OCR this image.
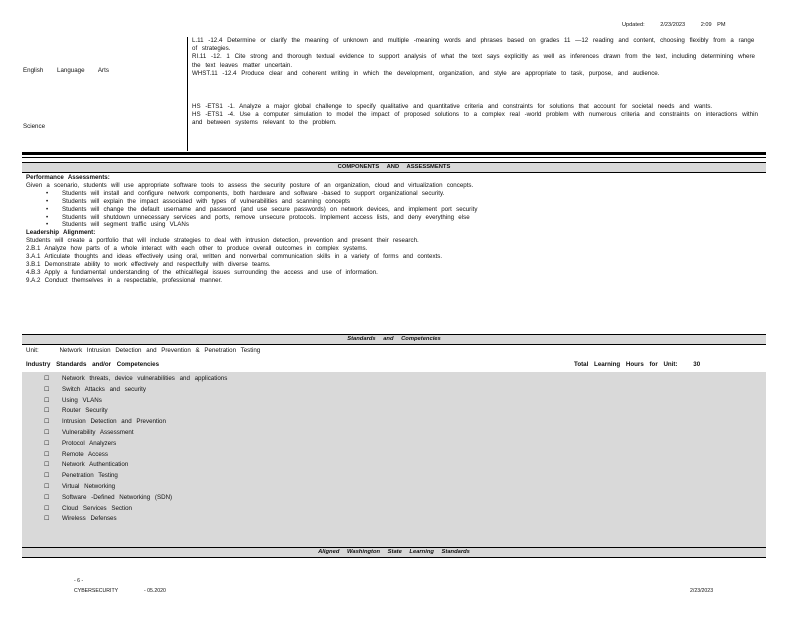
Updated:	2/23/2023	2:09 PM
English Language Arts
L.11 -12.4 Determine or clarify the meaning of unknown and multiple -meaning words and phrases based on grades 11 —12 reading and content, choosing flexibly from a range of strategies.
RI.11 -12. 1 Cite strong and thorough textual evidence to support analysis of what the text says explicitly as well as inferences drawn from the text, including determining where the text leaves matter uncertain.
WHST.11 -12.4 Produce clear and coherent writing in which the development, organization, and style are appropriate to task, purpose, and audience.
Science
HS -ETS1 -1. Analyze a major global challenge to specify qualitative and quantitative criteria and constraints for solutions that account for societal needs and wants.
HS -ETS1 -4. Use a computer simulation to model the impact of proposed solutions to a complex real -world problem with numerous criteria and constraints on interactions within and between systems relevant to the problem.
COMPONENTS AND ASSESSMENTS
Performance Assessments:
Given a scenario, students will use appropriate software tools to assess the security posture of an organization, cloud and virtualization concepts.
• Students will install and configure network components, both hardware and software -based to support organizational security.
• Students will explain the impact associated with types of vulnerabilities and scanning concepts
• Students will change the default username and password (and use secure passwords) on network devices, and implement port security
• Students will shutdown unnecessary services and ports, remove unsecure protocols. Implement access lists, and deny everything else
• Students will segment traffic using VLANs
Leadership Alignment:
Students will create a portfolio that will include strategies to deal with intrusion detection, prevention and present their research.
2.B.1 Analyze how parts of a whole interact with each other to produce overall outcomes in complex systems.
3.A.1 Articulate thoughts and ideas effectively using oral, written and nonverbal communication skills in a variety of forms and contexts.
3.B.1 Demonstrate ability to work effectively and respectfully with diverse teams.
4.B.3 Apply a fundamental understanding of the ethical/legal issues surrounding the access and use of information.
9.A.2 Conduct themselves in a respectable, professional manner.
Standards and Competencies
Unit:	Network Intrusion Detection and Prevention & Penetration Testing
Industry Standards and/or Competencies	Total Learning Hours for Unit:	30
☐ Network threats, device vulnerabilities and applications
☐ Switch Attacks and security
☐ Using VLANs
☐ Router Security
☐ Intrusion Detection and Prevention
☐ Vulnerability Assessment
☐ Protocol Analyzers
☐ Remote Access
☐ Network Authentication
☐ Penetration Testing
☐ Virtual Networking
☐ Software -Defined Networking (SDN)
☐ Cloud Services Section
☐ Wireless Defenses
Aligned Washington State Learning Standards
- 6 -
CYBERSECURITY	- 05.2020	2/23/2023
